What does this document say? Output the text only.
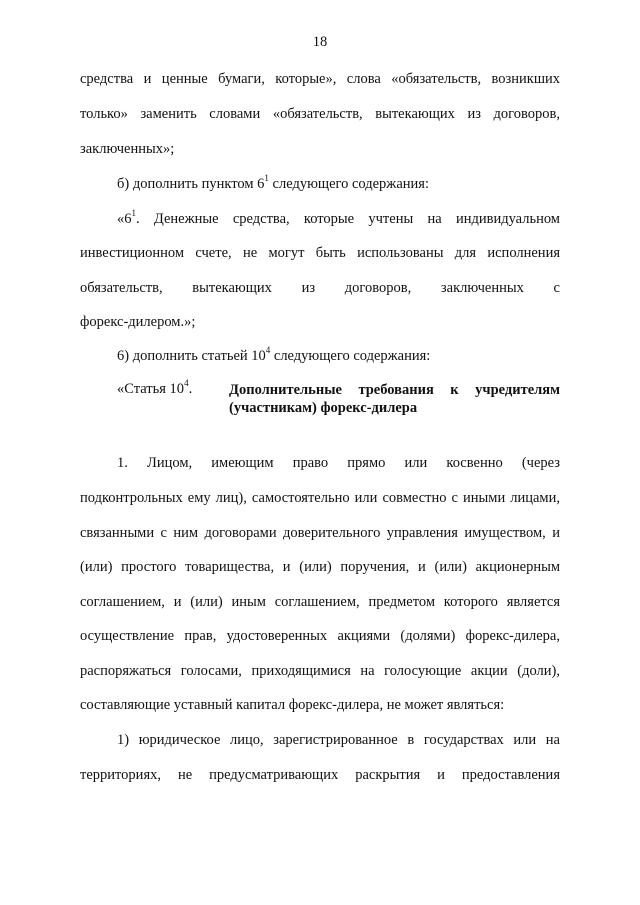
18
средства и ценные бумаги, которые», слова «обязательств, возникших
только» заменить словами «обязательств, вытекающих из договоров,
заключенных»;
б) дополнить пунктом $6^1$ следующего содержания:
«$6^1$. Денежные средства, которые учтены на индивидуальном
инвестиционном счете, не могут быть использованы для исполнения
обязательств, вытекающих из договоров, заключенных с
форекс-дилером.»;
6) дополнить статьей $10^4$ следующего содержания:
«Статья $10^4$.	Дополнительные требования к учредителям
(участникам) форекс-дилера
1. Лицом, имеющим право прямо или косвенно (через
подконтрольных ему лиц), самостоятельно или совместно с иными лицами,
связанными с ним договорами доверительного управления имуществом, и
(или) простого товарищества, и (или) поручения, и (или) акционерным
соглашением, и (или) иным соглашением, предметом которого является
осуществление прав, удостоверенных акциями (долями) форекс-дилера,
распоряжаться голосами, приходящимися на голосующие акции (доли),
составляющие уставный капитал форекс-дилера, не может являться:
1) юридическое лицо, зарегистрированное в государствах или на
территориях, не предусматривающих раскрытия и предоставления
